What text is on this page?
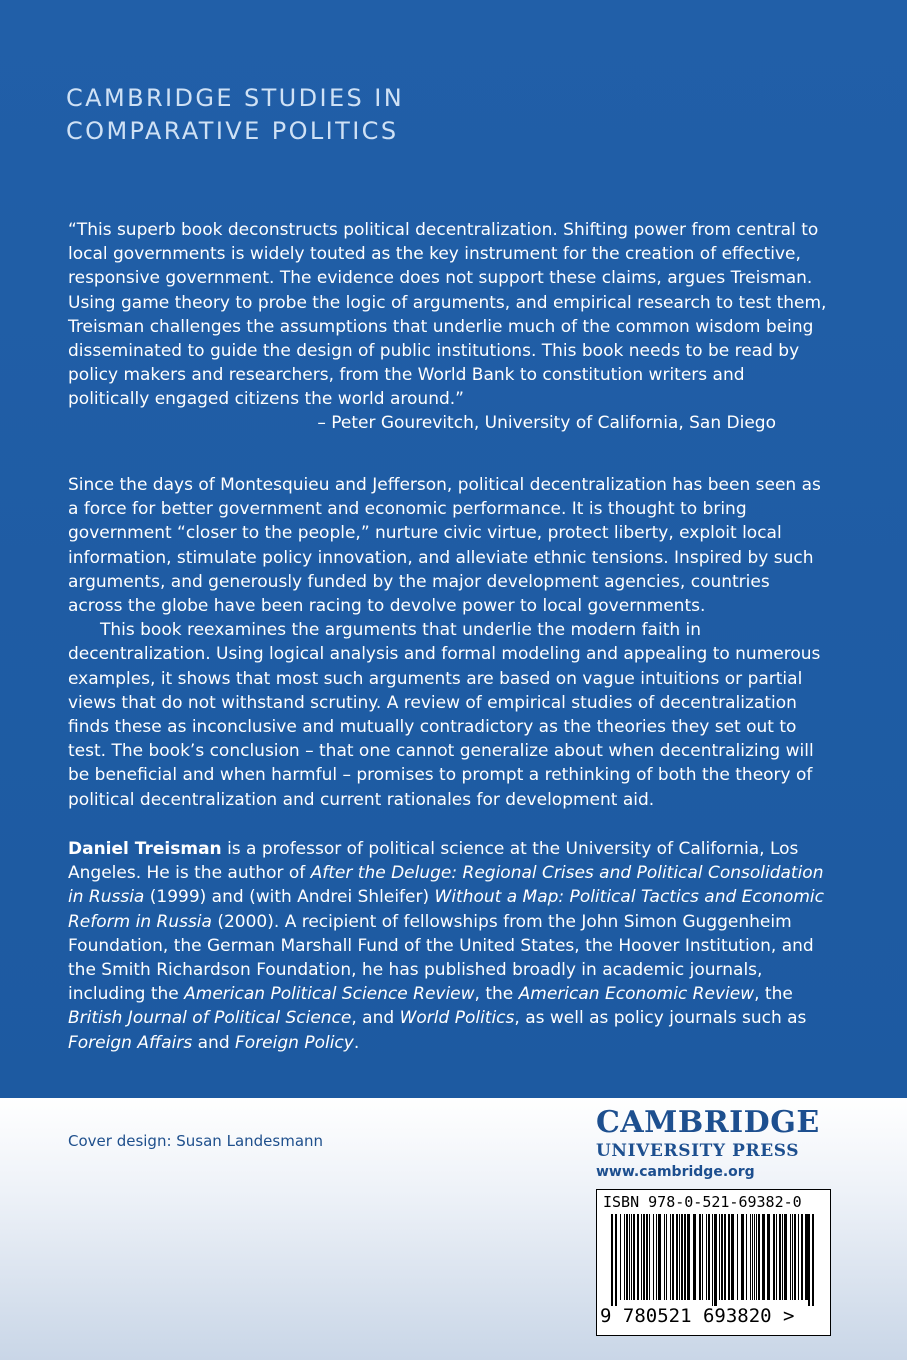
CAMBRIDGE STUDIES IN
COMPARATIVE POLITICS

“This superb book deconstructs political decentralization. Shifting power from central to local governments is widely touted as the key instrument for the creation of effective, responsive government. The evidence does not support these claims, argues Treisman. Using game theory to probe the logic of arguments, and empirical research to test them, Treisman challenges the assumptions that underlie much of the common wisdom being disseminated to guide the design of public institutions. This book needs to be read by policy makers and researchers, from the World Bank to constitution writers and politically engaged citizens the world around.”

– Peter Gourevitch, University of California, San Diego

Since the days of Montesquieu and Jefferson, political decentralization has been seen as a force for better government and economic performance. It is thought to bring government “closer to the people,” nurture civic virtue, protect liberty, exploit local information, stimulate policy innovation, and alleviate ethnic tensions. Inspired by such arguments, and generously funded by the major development agencies, countries across the globe have been racing to devolve power to local governments.

This book reexamines the arguments that underlie the modern faith in decentralization. Using logical analysis and formal modeling and appealing to numerous examples, it shows that most such arguments are based on vague intuitions or partial views that do not withstand scrutiny. A review of empirical studies of decentralization finds these as inconclusive and mutually contradictory as the theories they set out to test. The book’s conclusion – that one cannot generalize about when decentralizing will be beneficial and when harmful – promises to prompt a rethinking of both the theory of political decentralization and current rationales for development aid.

Daniel Treisman is a professor of political science at the University of California, Los Angeles. He is the author of After the Deluge: Regional Crises and Political Consolidation in Russia (1999) and (with Andrei Shleifer) Without a Map: Political Tactics and Economic Reform in Russia (2000). A recipient of fellowships from the John Simon Guggenheim Foundation, the German Marshall Fund of the United States, the Hoover Institution, and the Smith Richardson Foundation, he has published broadly in academic journals, including the American Political Science Review, the American Economic Review, the British Journal of Political Science, and World Politics, as well as policy journals such as Foreign Affairs and Foreign Policy.

Cover design: Susan Landesmann
CAMBRIDGE
UNIVERSITY PRESS
www.cambridge.org
ISBN 978-0-521-69382-0
9 780521 693820 >
